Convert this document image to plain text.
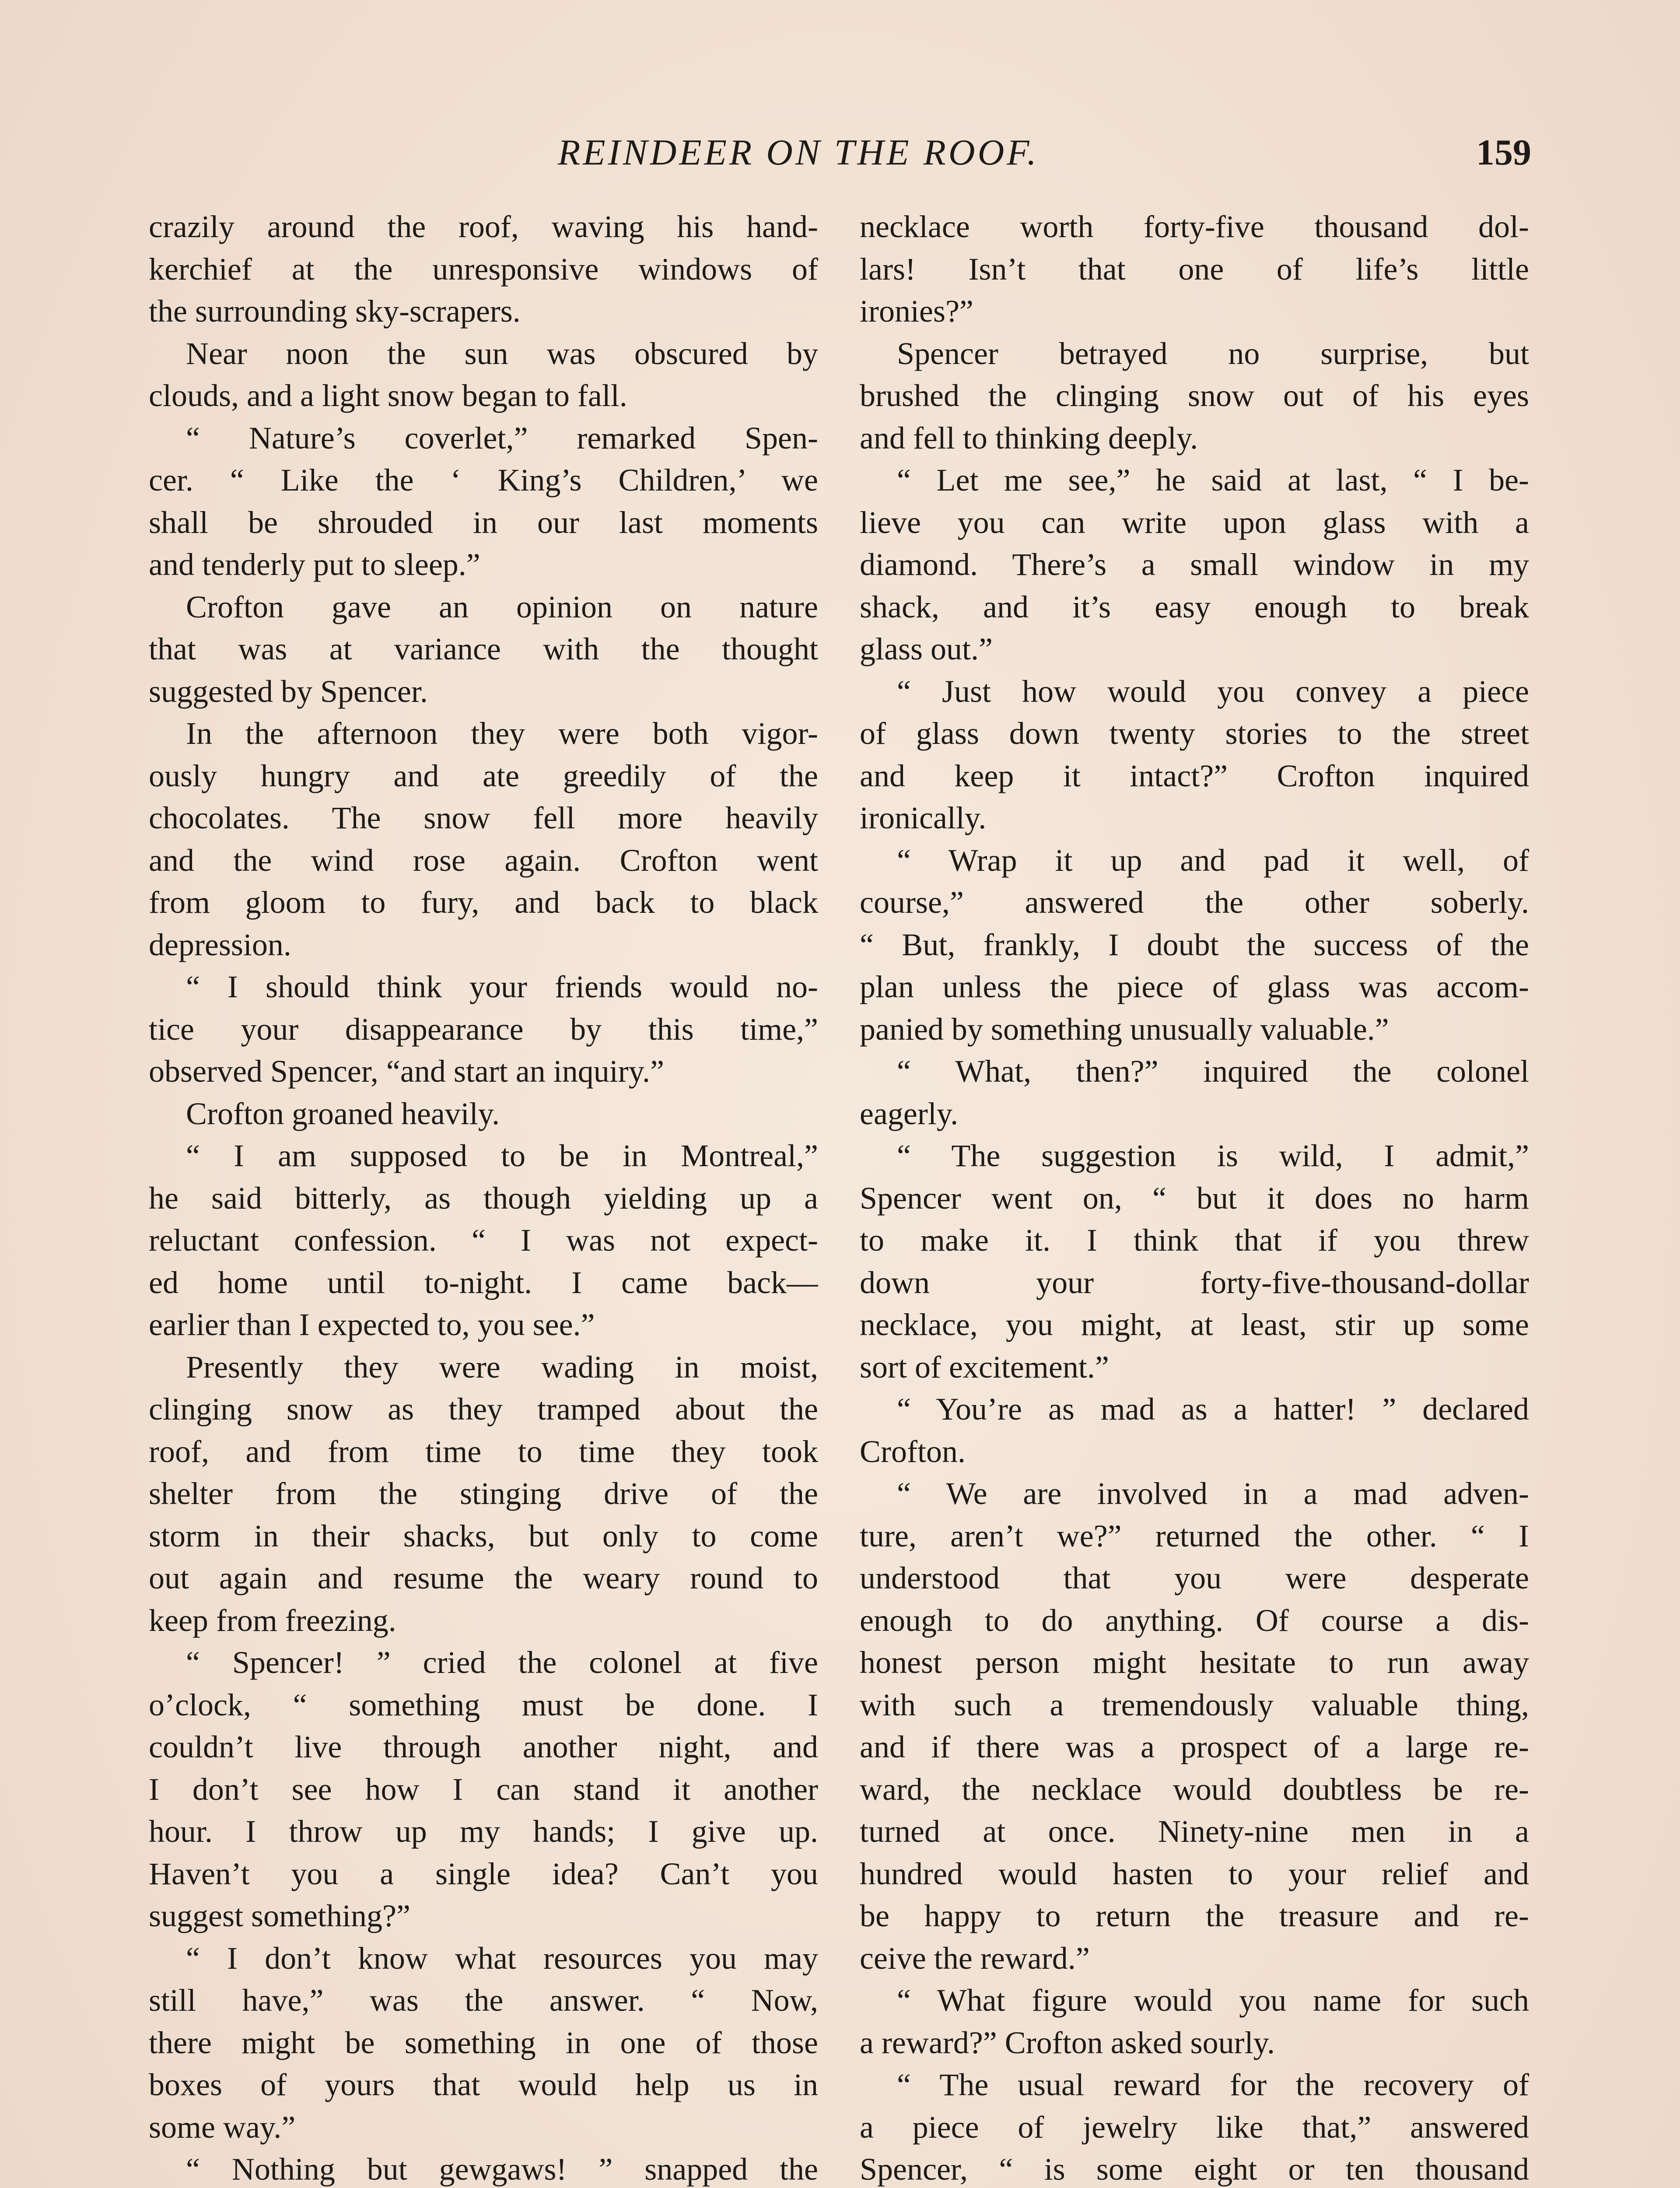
REINDEER ON THE ROOF.	159
crazily around the roof, waving his hand-
kerchief at the unresponsive windows of
the surrounding sky-scrapers.
Near noon the sun was obscured by
clouds, and a light snow began to fall.
“ Nature’s coverlet,” remarked Spen-
cer. “ Like the ‘ King’s Children,’ we
shall be shrouded in our last moments
and tenderly put to sleep.”
Crofton gave an opinion on nature
that was at variance with the thought
suggested by Spencer.
In the afternoon they were both vigor-
ously hungry and ate greedily of the
chocolates. The snow fell more heavily
and the wind rose again. Crofton went
from gloom to fury, and back to black
depression.
“ I should think your friends would no-
tice your disappearance by this time,”
observed Spencer, “and start an inquiry.”
Crofton groaned heavily.
“ I am supposed to be in Montreal,”
he said bitterly, as though yielding up a
reluctant confession. “ I was not expect-
ed home until to-night. I came back—
earlier than I expected to, you see.”
Presently they were wading in moist,
clinging snow as they tramped about the
roof, and from time to time they took
shelter from the stinging drive of the
storm in their shacks, but only to come
out again and resume the weary round to
keep from freezing.
“ Spencer! ” cried the colonel at five
o’clock, “ something must be done. I
couldn’t live through another night, and
I don’t see how I can stand it another
hour. I throw up my hands; I give up.
Haven’t you a single idea? Can’t you
suggest something?”
“ I don’t know what resources you may
still have,” was the answer. “ Now,
there might be something in one of those
boxes of yours that would help us in
some way.”
“ Nothing but gewgaws! ” snapped the
necklace worth forty-five thousand dol-
lars! Isn’t that one of life’s little
ironies?”
Spencer betrayed no surprise, but
brushed the clinging snow out of his eyes
and fell to thinking deeply.
“ Let me see,” he said at last, “ I be-
lieve you can write upon glass with a
diamond. There’s a small window in my
shack, and it’s easy enough to break
glass out.”
“ Just how would you convey a piece
of glass down twenty stories to the street
and keep it intact?” Crofton inquired
ironically.
“ Wrap it up and pad it well, of
course,” answered the other soberly.
“ But, frankly, I doubt the success of the
plan unless the piece of glass was accom-
panied by something unusually valuable.”
“ What, then?” inquired the colonel
eagerly.
“ The suggestion is wild, I admit,”
Spencer went on, “ but it does no harm
to make it. I think that if you threw
down your forty-five-thousand-dollar
necklace, you might, at least, stir up some
sort of excitement.”
“ You’re as mad as a hatter! ” declared
Crofton.
“ We are involved in a mad adven-
ture, aren’t we?” returned the other. “ I
understood that you were desperate
enough to do anything. Of course a dis-
honest person might hesitate to run away
with such a tremendously valuable thing,
and if there was a prospect of a large re-
ward, the necklace would doubtless be re-
turned at once. Ninety-nine men in a
hundred would hasten to your relief and
be happy to return the treasure and re-
ceive the reward.”
“ What figure would you name for such
a reward?” Crofton asked sourly.
“ The usual reward for the recovery of
a piece of jewelry like that,” answered
Spencer, “ is some eight or ten thousand
